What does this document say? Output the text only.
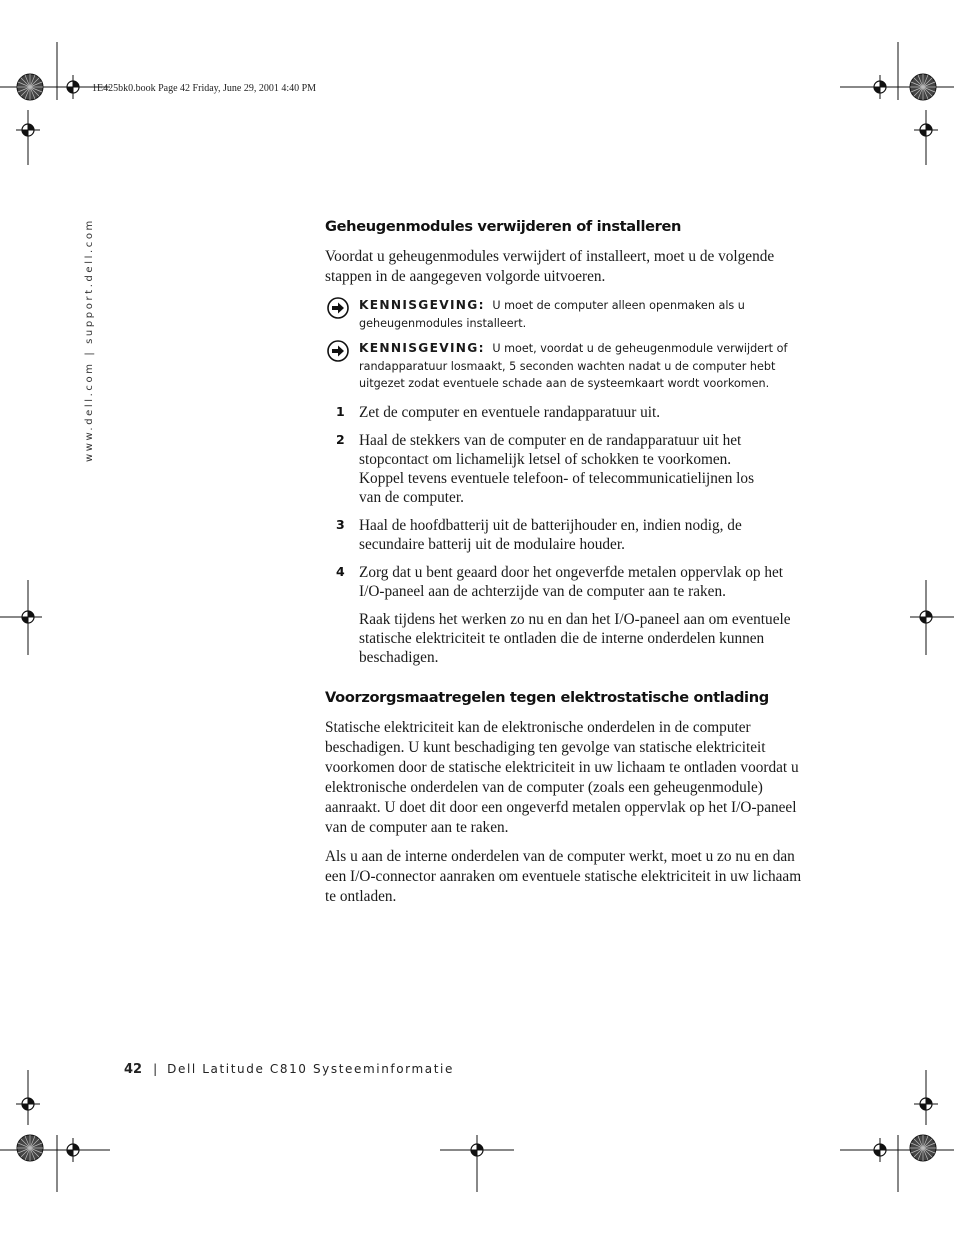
1E425bk0.book Page 42 Friday, June 29, 2001 4:40 PM
www.dell.com | support.dell.com	Geheugenmodules verwijderen of installeren

Voordat u geheugenmodules verwijdert of installeert, moet u de volgende stappen in de aangegeven volgorde uitvoeren.

KENNISGEVING: U moet de computer alleen openmaken als u geheugenmodules installeert.
KENNISGEVING: U moet, voordat u de geheugenmodule verwijdert of randapparatuur losmaakt, 5 seconden wachten nadat u de computer hebt uitgezet zodat eventuele schade aan de systeemkaart wordt voorkomen.
1 Zet de computer en eventuele randapparatuur uit.

2 Haal de stekkers van de computer en de randapparatuur uit het stopcontact om lichamelijk letsel of schokken te voorkomen. Koppel tevens eventuele telefoon- of telecommunicatielijnen los van de computer.

3 Haal de hoofdbatterij uit de batterijhouder en, indien nodig, de secundaire batterij uit de modulaire houder.

4 Zorg dat u bent geaard door het ongeverfde metalen oppervlak op het I/O-paneel aan de achterzijde van de computer aan te raken.

Raak tijdens het werken zo nu en dan het I/O-paneel aan om eventuele statische elektriciteit te ontladen die de interne onderdelen kunnen beschadigen.

Voorzorgsmaatregelen tegen elektrostatische ontlading

Statische elektriciteit kan de elektronische onderdelen in de computer beschadigen. U kunt beschadiging ten gevolge van statische elektriciteit voorkomen door de statische elektriciteit in uw lichaam te ontladen voordat u elektronische onderdelen van de computer (zoals een geheugenmodule) aanraakt. U doet dit door een ongeverfd metalen oppervlak op het I/O-paneel van de computer aan te raken.

Als u aan de interne onderdelen van de computer werkt, moet u zo nu en dan een I/O-connector aanraken om eventuele statische elektriciteit in uw lichaam te ontladen.

42 | Dell Latitude C810 Systeeminformatie
